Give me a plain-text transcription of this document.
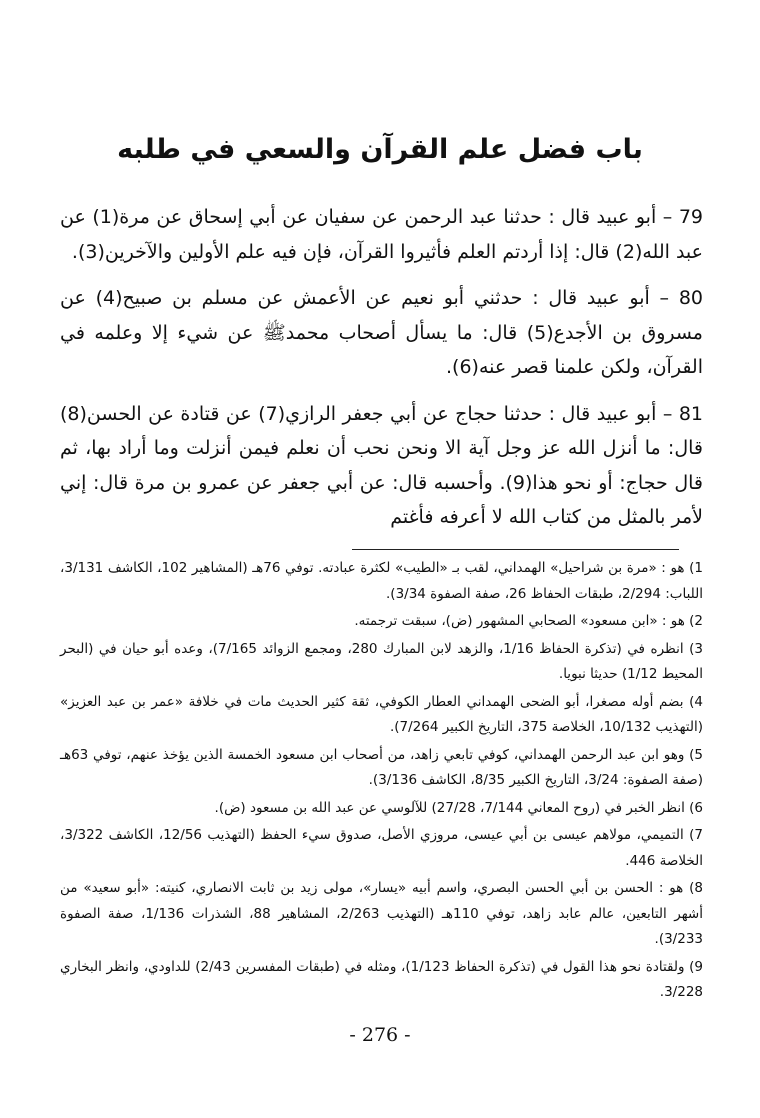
باب فضل علم القرآن والسعي في طلبه

79 – أبو عبيد قال : حدثنا عبد الرحمن عن سفيان عن أبي إسحاق عن مرة(1) عن عبد الله(2) قال: إذا أردتم العلم فأثيروا القرآن، فإن فيه علم الأولين والآخرين(3).

80 – أبو عبيد قال : حدثني أبو نعيم عن الأعمش عن مسلم بن صبيح(4) عن مسروق بن الأجدع(5) قال: ما يسأل أصحاب محمدﷺ عن شيء إلا وعلمه في القرآن، ولكن علمنا قصر عنه(6).

81 – أبو عبيد قال : حدثنا حجاج عن أبي جعفر الرازي(7) عن قتادة عن الحسن(8) قال: ما أنزل الله عز وجل آية الا ونحن نحب أن نعلم فيمن أنزلت وما أراد بها، ثم قال حجاج: أو نحو هذا(9). وأحسبه قال: عن أبي جعفر عن عمرو بن مرة قال: إني لأمر بالمثل من كتاب الله لا أعرفه فأغتم

1) هو : «مرة بن شراحيل» الهمداني، لقب بـ «الطيب» لكثرة عبادته. توفي 76هـ (المشاهير 102، الكاشف 3/131، اللباب: 2/294، طبقات الحفاظ 26، صفة الصفوة 3/34).

2) هو : «ابن مسعود» الصحابي المشهور (ض)، سبقت ترجمته.

3) انظره في (تذكرة الحفاظ 1/16، والزهد لابن المبارك 280، ومجمع الزوائد 7/165)، وعده أبو حيان في (البحر المحيط 1/12) حديثا نبويا.

4) بضم أوله مصغرا، أبو الضحى الهمداني العطار الكوفي، ثقة كثير الحديث مات في خلافة «عمر بن عبد العزيز» (التهذيب 10/132، الخلاصة 375، التاريخ الكبير 7/264).

5) وهو ابن عبد الرحمن الهمداني، كوفي تابعي زاهد، من أصحاب ابن مسعود الخمسة الذين يؤخذ عنهم، توفي 63هـ (صفة الصفوة: 3/24، التاريخ الكبير 8/35، الكاشف 3/136).

6) انظر الخبر في (روح المعاني 7/144، 27/28) للآلوسي عن عبد الله بن مسعود (ض).

7) التميمي، مولاهم عيسى بن أبي عيسى، مروزي الأصل، صدوق سيء الحفظ (التهذيب 12/56، الكاشف 3/322، الخلاصة 446.

8) هو : الحسن بن أبي الحسن البصري، واسم أبيه «يسار»، مولى زيد بن ثابت الانصاري، كنيته: «أبو سعيد» من أشهر التابعين، عالم عابد زاهد، توفي 110هـ (التهذيب 2/263، المشاهير 88، الشذرات 1/136، صفة الصفوة 3/233).

9) ولقتادة نحو هذا القول في (تذكرة الحفاظ 1/123)، ومثله في (طبقات المفسرين 2/43) للداودي، وانظر البخاري 3/228.

- 276 -
